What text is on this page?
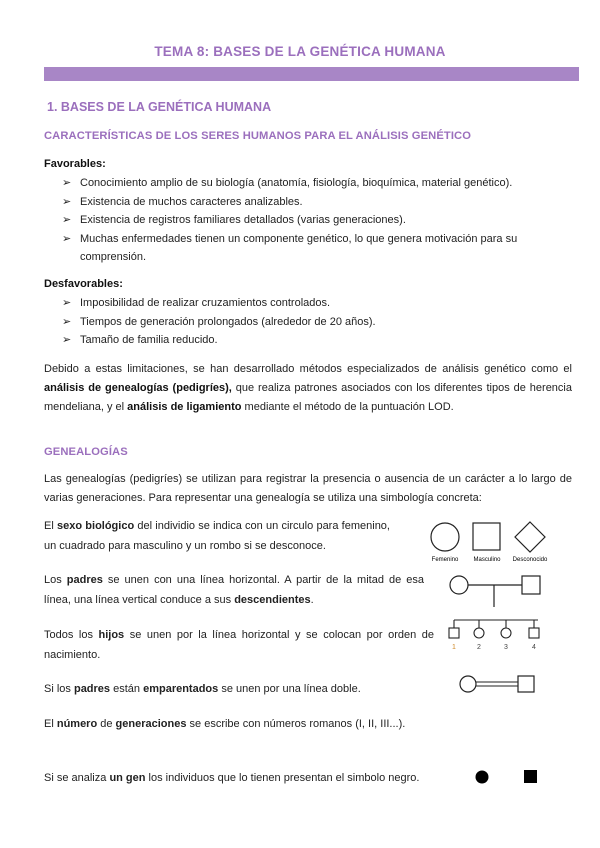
TEMA 8: BASES DE LA GENÉTICA HUMANA
1. BASES DE LA GENÉTICA HUMANA
CARACTERÍSTICAS DE LOS SERES HUMANOS PARA EL ANÁLISIS GENÉTICO
Favorables:
➢ Conocimiento amplio de su biología (anatomía, fisiología, bioquímica, material genético).
➢ Existencia de muchos caracteres analizables.
➢ Existencia de registros familiares detallados (varias generaciones).
➢ Muchas enfermedades tienen un componente genético, lo que genera motivación para su comprensión.
Desfavorables:
➢ Imposibilidad de realizar cruzamientos controlados.
➢ Tiempos de generación prolongados (alrededor de 20 años).
➢ Tamaño de familia reducido.
Debido a estas limitaciones, se han desarrollado métodos especializados de análisis genético como el análisis de genealogías (pedigríes), que realiza patrones asociados con los diferentes tipos de herencia mendeliana, y el análisis de ligamiento mediante el método de la puntuación LOD.
GENEALOGÍAS
Las genealogías (pedigríes) se utilizan para registrar la presencia o ausencia de un carácter a lo largo de varias generaciones. Para representar una genealogía se utiliza una simbología concreta:
El sexo biológico del individio se indica con un circulo para femenino, un cuadrado para masculino y un rombo si se desconoce.
Femenino	Masculino Desconocido
Los padres se unen con una línea horizontal. A partir de la mitad de esa línea, una línea vertical conduce a sus descendientes.
Todos los hijos se unen por la línea horizontal y se colocan por orden de nacimiento.
1	2	3	4
Si los padres están emparentados se unen por una línea doble.
El número de generaciones se escribe con números romanos (I, II, III...).
Si se analiza un gen los individuos que lo tienen presentan el simbolo negro.
